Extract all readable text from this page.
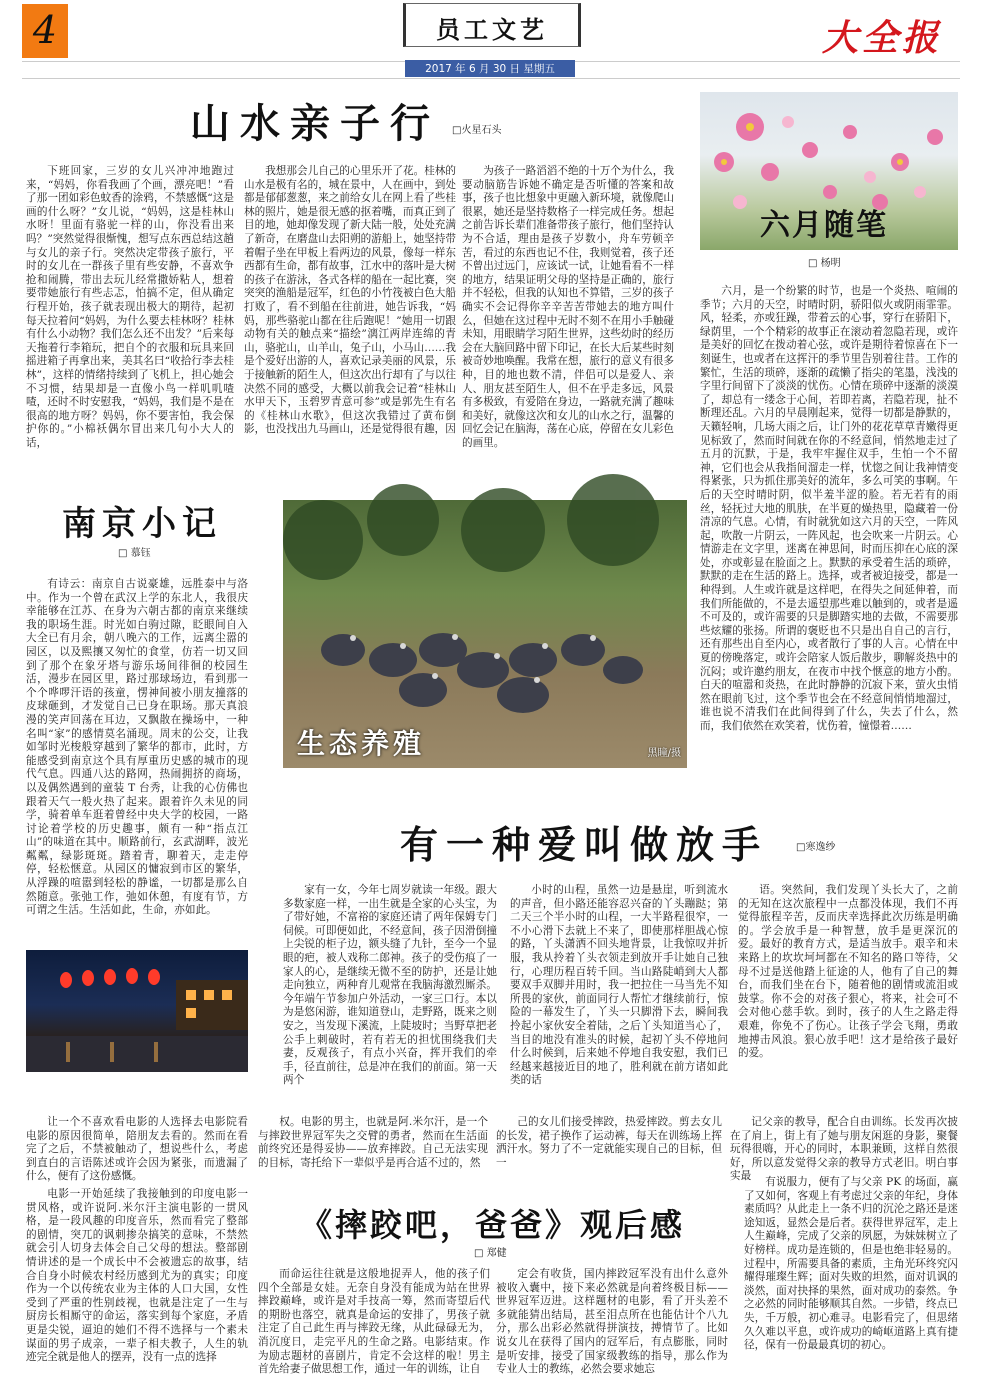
4	员工文艺
2017 年 6 月 30 日 星期五
大全报
山水亲子行 □火星石头

下班回家，三岁的女儿兴冲冲地跑过来，“妈妈，你看我画了个画，漂亮吧！”看了那一团如彩色蚊香的涂鸦，不禁感慨“这是画的什么呀？”女儿说，“妈妈，这是桂林山水呀！里面有骆驼一样的山，你没看出来吗？”突然觉得很惭愧，想写点东西总结这趟与女儿的亲子行。突然决定带孩子旅行，平时的女儿在一群孩子里有些安静，不喜欢争抢和闹腾，带出去玩儿经常撒娇粘人，想着要带她旅行有些忐忑，怕搞不定，但从确定行程开始，孩子就表现出极大的期待，起初每天拉着问“妈妈，为什么要去桂林呀？桂林有什么小动物？我们怎么还不出发？”后来每天拖着行李箱玩，把自个的衣服和玩具来回摇进箱子再拿出来，美其名曰“收拾行李去桂林”，这样的情绪持续到了飞机上，担心她会不习惯，结果却是一直像小鸟一样叽叽喳喳，还时不时安慰我，“妈妈，我们是不是在很高的地方呀？妈妈，你不要害怕，我会保护你的。”小棉袄偶尔冒出来几句小大人的话，

我想那会儿自己的心里乐开了花。桂林的山水是极有名的，城在景中，人在画中，到处都是郁郁葱葱，来之前给女儿在网上看了些桂林的照片，她是很无感的抠着嘴，而真正到了目的地，她却像发现了新大陆一般，处处充满了新奇，在磨盘山去阳朔的游船上，她坚持带着帽子坐在甲板上看两边的风景，像每一样东西都有生命，都有故事，江水中的落叶是大树的孩子在游泳，各式各样的船在一起比赛，突突突的渔船是冠军，红色的小竹筏被白色大船打败了，看不到船在往前进，她告诉我，“妈妈，那些骆驼山都在往后跑呢！”她用一切跟动物有关的触点来“描绘”漓江两岸连绵的青山，骆驼山，山羊山，兔子山，小马山……我是个爱好出游的人，喜欢记录美丽的风景，乐于接触新的陌生人，但这次出行却有了与以往决然不同的感受，大概以前我会记着“桂林山水甲天下，玉碧罗青意可参”或是郭先生有名的《桂林山水歌》，但这次我错过了黄布倒影，也没找出九马画山，还是觉得很有趣，因

为孩子一路滔滔不绝的十万个为什么，我要动脑筋告诉她不确定是否听懂的答案和故事，孩子也比想象中更融入新环境，就像爬山很累，她还是坚持数格子一样完成任务。想起之前告诉长辈们准备带孩子旅行，他们坚持认为不合适，理由是孩子岁数小，舟车劳顿辛苦，看过的东西也记不住，我则觉着，孩子还不曾出过远门，应该试一试，让她看看不一样的地方，结果证明父母的坚持是正确的，旅行并不轻松，但我的认知也不算错，三岁的孩子确实不会记得你辛辛苦苦带她去的地方叫什么，但她在这过程中无时不刻不在用小手触碰未知，用眼睛学习陌生世界，这些幼时的经历会在大脑回路中留下印记，在长大后某些时刻被奇妙地唤醒。我常在想，旅行的意义有很多种，目的地也数不清，伴侣可以是爱人、亲人、朋友甚至陌生人，但不在乎走多远，风景有多极致，有爱陪在身边，一路就充满了趣味和美好，就像这次和女儿的山水之行，温馨的回忆会记在脑海，荡在心底，停留在女儿彩色的画里。

六月随笔
□ 杨明

六月，是一个纷繁的时节，也是一个炎热、喧闹的季节；六月的天空，时晴时阴，骄阳似火或阴雨霏霏。风，轻柔，亦或狂躁，带着云的心事，穿行在骄阳下，绿荫里，一个个精彩的故事正在滚动着忽隐若现，或许是美好的回忆在拨动着心弦，或许是期待着惊喜在下一刻诞生，也或者在这挥汗的季节里告别着往昔。工作的繁忙，生活的琐碎，逐渐的疏懒了指尖的笔墨，浅浅的字里行间留下了淡淡的忧伤。心情在琐碎中逐渐的淡漠了，却总有一缕念于心间，若即若离，若隐若现，扯不断理还乱。六月的早晨刚起来，觉得一切都是静默的，天籁轻响，几场大雨之后，让门外的花花草草青嫩得更见标致了，然而时间就在你的不经意间，悄然地走过了五月的沉默，于是，我牢牢握住双手，生怕一个不留神，它们也会从我指间溜走一样，忧惚之间让我神情变得紧张，只为抓住那美好的流年，多么可笑的事啊。午后的天空时晴时阴，似半羞半涩的脸。若无若有的雨丝，轻抚过大地的肌肤，在半夏的燥热里，隐藏着一份清凉的气息。心情，有时就犹如这六月的天空，一阵风起，吹散一片阴云，一阵风起，也会吹来一片阴云。心情游走在文字里，迷离在神思间，时而压抑在心底的深处，亦或彰显在脸面之上。默默的承受着生活的琐碎，默默的走在生活的路上。选择，或者被迫接受，都是一种得到。人生或许就是这样吧，在得失之间延伸着，而我们所能做的，不是去遥望那些难以触到的，或者是遥不可及的，或许需要的只是脚踏实地的去做，不需要那些炫耀的张扬。所谓的褒贬也不只是出自自己的言行，还有那些出自至内心，或者散行了事的人言。心情在中夏的傍晚落定，或许会陪家人饭后散步，聊解炎热中的沉闷；或许邀约朋友，在夜市中找个惬意的地方小酌。白天的喧嚣和炎热，在此时静静的沉寂下来，萤火虫悄然在眼前飞过，这个季节也会在不经意间悄悄地溜过，谁也说不清我们在此间得到了什么，失去了什么，然而，我们依然在欢笑着，忧伤着，憧憬着……

南京小记
□ 慕钰

有诗云：南京自古说豪雄，远胜泰中与洛中。作为一个曾在武汉上学的东北人，我很庆幸能够在江苏、在身为六朝古都的南京来继续我的职场生涯。时光如白驹过隙，眨眼间自入大全已有月余，朝八晚六的工作，远离尘嚣的园区，以及熙攘又匆忙的食堂，仿若一切又回到了那个在象牙塔与游乐场间徘徊的校园生活，漫步在园区里，路过那球场边，看到那一个个哗啰汗语的孩童，愣神间被小朋友撞落的皮球砸到，才发觉自己已身在职场。那天真浪漫的笑声回荡在耳边，又飘散在操场中，一种名叫“家”的感情莫名涌现。周末的公交，让我如邹时光梭般穿越到了繁华的都市，此时，方能感受到南京这个具有厚重历史感的城市的现代气息。四通八达的路网，热闹拥挤的商场，以及偶然遇到的童装 T 台秀，让我的心仿佛也跟着天气一般火热了起来。跟着许久未见的同学，骑着单车逛着曾经中央大学的校园，一路讨论着学校的历史趣事，颇有一种“指点江山”的味道在其中。顺路前行，玄武湖畔，波光粼粼，绿影斑斑。踏着青，聊着天，走走停停，轻松惬意。从园区的慵寂到市区的繁华，从浮躁的喧嚣到轻松的静谧，一切都是那么自然随意。张弛工作，弛如休憩，有度有节，方可谓之生活。生活如此，生命，亦如此。

生态养殖	黑瞳/摄
有一种爱叫做放手	□寒逸纱

家有一女，今年七周岁就读一年级。跟大多数家庭一样，一出生就是全家的心头宝，为了带好她，不富裕的家庭还请了两年保姆专门伺候。可即便如此，不经意间，孩子因滑倒撞上尖锐的柜子边，额头缝了九针，至今一个显眼的疤，被人戏称二郎神。孩子的受伤痕了一家人的心，是继续无微不至的防护，还是让她走向独立，两种育儿观常在我脑海激烈厮杀。今年端午节参加户外活动，一家三口行。本以为是悠闲游，谁知道登山，走野路，既来之则安之，当发现下溪流，上陡坡时；当野草把老公手上刺破时，若有若无的担忧围绕我们夫妻，反观孩子，有点小兴奋，挥开我们的牵手，径直前往，总是冲在我们的前面。第一天两个

小时的山程，虽然一边是悬崖，听到流水的声音，但小路还能容忍兴奋的丫头蹦跶；第二天三个半小时的山程，一大半路程很窄，一不小心滑下去就上不来了，即使那样胆战心惊的路，丫头潇洒不回头地背景，让我惊叹并折服，我从拎着丫头衣领走到放开手让她自己独行，心理历程百转千回。当山路陡峭到大人都要双手双脚并用时，我一把拉住一马当先不知所畏的家伙，前面同行人帮忙才继续前行，惊险的一幕发生了，丫头一只脚滑下去，瞬间我拎起小家伙安全着陆，之后丫头知道当心了，当目的地没有准头的时候，起初丫头不停地问什么时候到，后来她不停地自我安慰，我们已经越来越接近目的地了，胜利就在前方诸如此类的话

语。突然间，我们发现丫头长大了，之前的无知在这次旅程中一点都没体现，我们不再觉得旅程辛苦，反而庆幸选择此次历练是明确的。学会放手是一种智慧，放手是更深沉的爱。最好的教育方式，是适当放手。艰辛和未来路上的坎坎坷坷都在不知名的路口等待，父母不过是送他踏上征途的人，他有了自己的舞台，而我们坐在台下，随着他的剧情或流泪或鼓掌。你不会的对孩子狠心，将来，社会可不会对他心慈手软。到时，孩子的人生之路走得艰难，你免不了伤心。让孩子学会飞翔，勇敢地搏击风浪。狠心放手吧！这才是给孩子最好的爱。

让一个不喜欢看电影的人选择去电影院看电影的原因很简单，陪朋友去看的。然而在看完了之后，不禁被触动了，想说些什么，考虑到直白的言语陈述或许会因为紧张，而遗漏了什么，便有了这份感慨。

权。电影的男主，也就是阿.米尔汗，是一个与摔跤世界冠军失之交臂的勇者，然而在生活面前终究还是得妥协——放弃摔跤。自己无法实现的目标，寄托给下一辈似乎是再合适不过的，然

己的女儿们接受摔跤，热爱摔跤。剪去女儿的长发，裙子换作了运动裤，每天在训练场上挥洒汗水。努力了不一定就能实现自己的目标，但一

记父亲的教导，配合自由训练。长发再次披在了肩上，街上有了她与朋友闲逛的身影，聚餐玩得很嗨，开心的同时，本职兼顾，这样自然很好，所以意发觉得父亲的教导方式老旧。明白事实最

电影一开始延续了我接触到的印度电影一贯风格，或许说阿.米尔汗主演电影的一贯风格，是一段风趣的印度音乐，然而看完了整部的剧情，突兀的讽刺掺杂搞笑的意味，不禁然就会引人切身去体会自己父母的想法。整部剧情讲述的是一个成长中不会被遗忘的故事，结合自身小时候农村经历感到尤为的真实；印度作为一个以传统农业为主体的人口大国，女性受到了严重的性别歧视，也就是注定了一生与厨房长相厮守的命运，落实到每个家庭，矛盾更是尖锐，逼迫的她们不得不选择与一个素未谋面的男子成亲，一辈子相夫教子，人生的轨迹完全就是他人的摆弄，没有一点的选择

《摔跤吧，爸爸》观后感
□ 郑健

有说服力，便有了与父亲 PK 的场面，赢了又如何，客观上有考虑过父亲的年纪，身体素质吗？从此走上一条不归的沉沦之路还是迷途知返，显然会是后者。获得世界冠军，走上人生巅峰，完成了父亲的夙愿，为妹妹树立了好榜样。成功是连锁的，但是也绝非轻易的。过程中，所需要具备的素质，主角光环终究闪耀得璀璨生辉；面对失败的坦然，面对讥讽的淡然，面对抉择的果然，面对成功的泰然。争之必然的同时能够顺其自然。一步错，终点已失，千万般，初心难寻。电影看完了，但思绪久久难以平息，或许成功的崎岖道路上真有捷径，保有一份最最真切的初心。

而命运往往就是这般地捉弄人，他的孩子们四个全部是女娃。无奈自身没有能成为站在世界摔跤巅峰，或许是对手技高一筹，然而寄望后代的期盼也落空，就真是命运的安排了，男孩子就注定了自己此生再与摔跤无缘，从此碌碌无为，消沉度日，走完平凡的生命之路。电影结束。作为励志题材的喜剧片，肯定不会这样的啦！男主首先给妻子做思想工作，通过一年的训练，让自

定会有收货，国内摔跤冠军没有出什么意外被收入囊中，接下来必然就是向着终极目标——世界冠军迈进。这样题材的电影，看了开头差不多就能猜出结局，甚至泪点所在也能估计个八九分，那么出彩必然就得拼演技，搏情节了。比如说女儿在获得了国内的冠军后，有点膨胀，同时是听安排，接受了国家级教练的指导，那么作为专业人士的教练，必然会要求她忘
